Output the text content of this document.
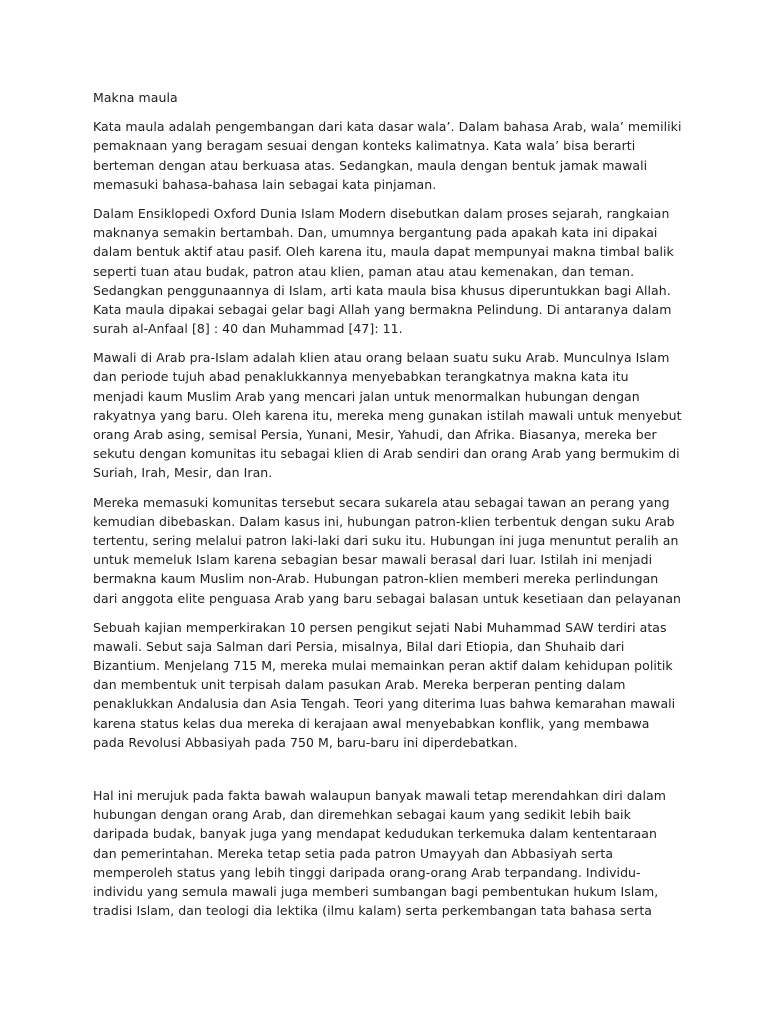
Makna maula
Kata maula adalah pengembangan dari kata dasar wala’. Dalam bahasa Arab, wala’ memiliki
pemaknaan yang beragam sesuai dengan konteks kalimatnya. Kata wala’ bisa berarti
berteman dengan atau berkuasa atas. Sedangkan, maula dengan bentuk jamak mawali
memasuki bahasa-bahasa lain sebagai kata pinjaman.
Dalam Ensiklopedi Oxford Dunia Islam Modern disebutkan dalam proses sejarah, rangkaian
maknanya semakin bertambah. Dan, umumnya bergantung pada apakah kata ini dipakai
dalam bentuk aktif atau pasif. Oleh karena itu, maula dapat mempunyai makna timbal balik
seperti tuan atau budak, patron atau klien, paman atau atau kemenakan, dan teman.
Sedangkan penggunaannya di Islam, arti kata maula bisa khusus diperuntukkan bagi Allah.
Kata maula dipakai sebagai gelar bagi Allah yang bermakna Pelindung. Di antaranya dalam
surah al-Anfaal [8] : 40 dan Muhammad [47]: 11.
Mawali di Arab pra-Islam adalah klien atau orang belaan suatu suku Arab. Munculnya Islam
dan periode tujuh abad penaklukkannya menyebabkan terangkatnya makna kata itu
menjadi kaum Muslim Arab yang mencari jalan untuk menormalkan hubungan dengan
rakyatnya yang baru. Oleh karena itu, mereka meng gunakan istilah mawali untuk menyebut
orang Arab asing, semisal Persia, Yunani, Mesir, Yahudi, dan Afrika. Biasanya, mereka ber
sekutu dengan komunitas itu sebagai klien di Arab sendiri dan orang Arab yang bermukim di
Suriah, Irah, Mesir, dan Iran.
Mereka memasuki komunitas tersebut secara sukarela atau sebagai tawan an perang yang
kemudian dibebaskan. Dalam kasus ini, hubungan patron-klien terbentuk dengan suku Arab
tertentu, sering melalui patron laki-laki dari suku itu. Hubungan ini juga menuntut peralih an
untuk memeluk Islam karena sebagian besar mawali berasal dari luar. Istilah ini menjadi
bermakna kaum Muslim non-Arab. Hubungan patron-klien memberi mereka perlindungan
dari anggota elite penguasa Arab yang baru sebagai balasan untuk kesetiaan dan pelayanan
Sebuah kajian memperkirakan 10 persen pengikut sejati Nabi Muhammad SAW terdiri atas
mawali. Sebut saja Salman dari Persia, misalnya, Bilal dari Etiopia, dan Shuhaib dari
Bizantium. Menjelang 715 M, mereka mulai memainkan peran aktif dalam kehidupan politik
dan membentuk unit terpisah dalam pasukan Arab. Mereka berperan penting dalam
penaklukkan Andalusia dan Asia Tengah. Teori yang diterima luas bahwa kemarahan mawali
karena status kelas dua mereka di kerajaan awal menyebabkan konflik, yang membawa
pada Revolusi Abbasiyah pada 750 M, baru-baru ini diperdebatkan.
Hal ini merujuk pada fakta bawah walaupun banyak mawali tetap merendahkan diri dalam
hubungan dengan orang Arab, dan diremehkan sebagai kaum yang sedikit lebih baik
daripada budak, banyak juga yang mendapat kedudukan terkemuka dalam kententaraan
dan pemerintahan. Mereka tetap setia pada patron Umayyah dan Abbasiyah serta
memperoleh status yang lebih tinggi daripada orang-orang Arab terpandang. Individu-
individu yang semula mawali juga memberi sumbangan bagi pembentukan hukum Islam,
tradisi Islam, dan teologi dia lektika (ilmu kalam) serta perkembangan tata bahasa serta
